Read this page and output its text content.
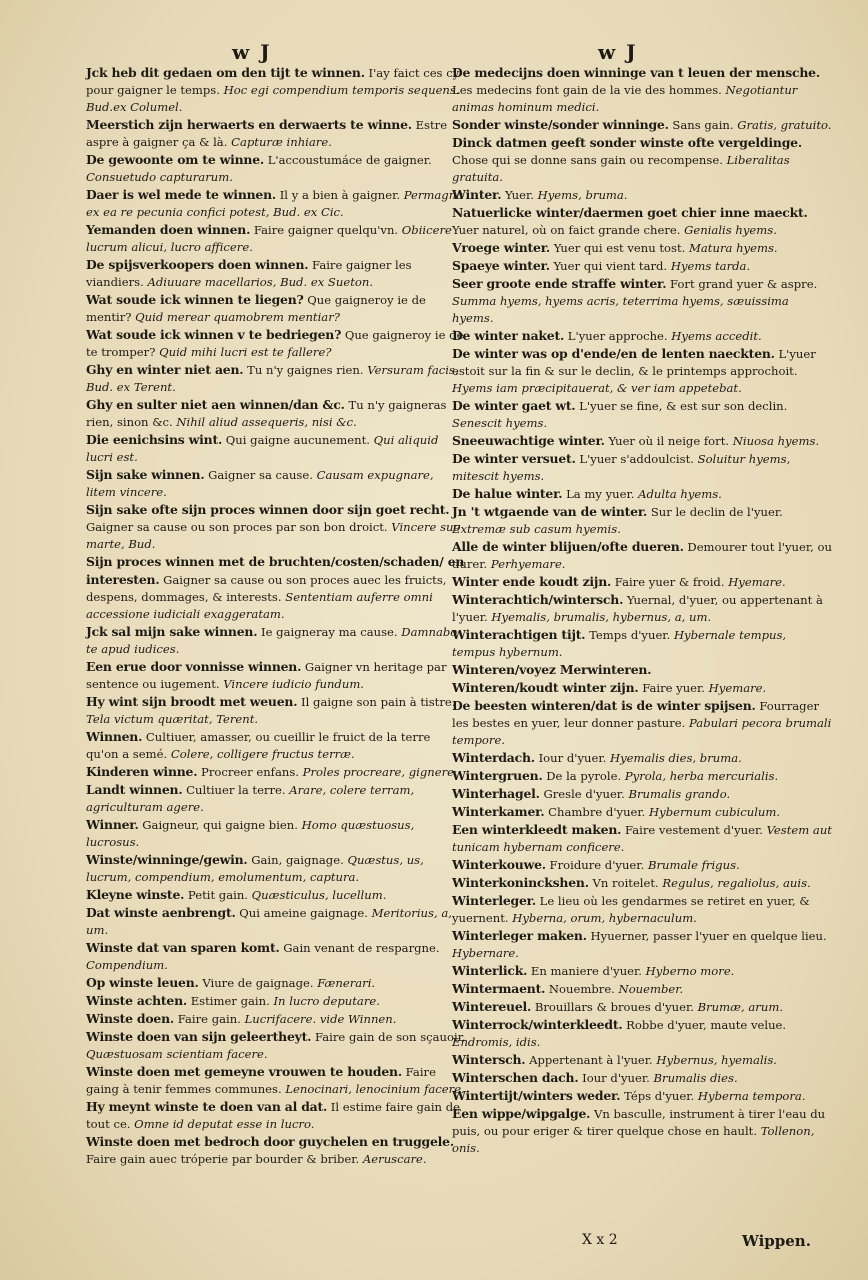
w J	w J

Jck heb dit gedaen om den tijt te winnen. I'ay faict ces cy pour gaigner le temps. Hoc egi compendium temporis sequens. Bud.ex Columel.

Meerstich zijn herwaerts en derwaerts te winne. Estre aspre à gaigner ça & là. Capturæ inhiare.

De gewoonte om te winne. L'accoustumáce de gaigner. Consuetudo capturarum.

Daer is wel mede te winnen. Il y a bien à gaigner. Permagna ex ea re pecunia confici potest, Bud. ex Cic.

Yemanden doen winnen. Faire gaigner quelqu'vn. Obiicere lucrum alicui, lucro afficere.

De spijsverkoopers doen winnen. Faire gaigner les viandiers. Adiuuare macellarios, Bud. ex Sueton.

Wat soude ick winnen te liegen? Que gaigneroy ie de mentir? Quid merear quamobrem mentiar?

Wat soude ick winnen v te bedriegen? Que gaigneroy ie de te tromper? Quid mihi lucri est te fallere?

Ghy en winter niet aen. Tu n'y gaignes rien. Versuram facis, Bud. ex Terent.

Ghy en sulter niet aen winnen/dan &c. Tu n'y gaigneras rien, sinon &c. Nihil aliud assequeris, nisi &c.

Die eenichsins wint. Qui gaigne aucunement. Qui aliquid lucri est.

Sijn sake winnen. Gaigner sa cause. Causam expugnare, litem vincere.

Sijn sake ofte sijn proces winnen door sijn goet recht. Gaigner sa cause ou son proces par son bon droict. Vincere suo marte, Bud.

Sijn proces winnen met de bruchten/costen/schaden/ en interesten. Gaigner sa cause ou son proces auec les fruicts, despens, dommages, & interests. Sententiam auferre omni accessione iudiciali exaggeratam.

Jck sal mijn sake winnen. Ie gaigneray ma cause. Damnabo te apud iudices.

Een erue door vonnisse winnen. Gaigner vn heritage par sentence ou iugement. Vincere iudicio fundum.

Hy wint sijn broodt met weuen. Il gaigne son pain à tistre. Tela victum quæritat, Terent.

Winnen. Cultiuer, amasser, ou cueillir le fruict de la terre qu'on a semé. Colere, colligere fructus terræ.

Kinderen winne. Procreer enfans. Proles procreare, gignere.

Landt winnen. Cultiuer la terre. Arare, colere terram, agriculturam agere.

Winner. Gaigneur, qui gaigne bien. Homo quæstuosus, lucrosus.

Winste/winninge/gewin. Gain, gaignage. Quæstus, us, lucrum, compendium, emolumentum, captura.

Kleyne winste. Petit gain. Quæsticulus, lucellum.

Dat winste aenbrengt. Qui ameine gaignage. Meritorius, a, um.

Winste dat van sparen komt. Gain venant de respargne. Compendium.

Op winste leuen. Viure de gaignage. Fænerari.

Winste achten. Estimer gain. In lucro deputare.

Winste doen. Faire gain. Lucrifacere. vide Winnen.

Winste doen van sijn geleertheyt. Faire gain de son sçauoir. Quæstuosam scientiam facere.

Winste doen met gemeyne vrouwen te houden. Faire gaing à tenir femmes communes. Lenocinari, lenocinium facere.

Hy meynt winste te doen van al dat. Il estime faire gain de tout ce. Omne id deputat esse in lucro.

Winste doen met bedroch door guychelen en truggele. Faire gain auec tróperie par bourder & briber. Aeruscare.

De medecijns doen winninge van t leuen der mensche. Les medecins font gain de la vie des hommes. Negotiantur animas hominum medici.

Sonder winste/sonder winninge. Sans gain. Gratis, gratuito.

Dinck datmen geeft sonder winste ofte vergeldinge. Chose qui se donne sans gain ou recompense. Liberalitas gratuita.

Winter. Yuer. Hyems, bruma.

Natuerlicke winter/daermen goet chier inne maeckt. Yuer naturel, où on faict grande chere. Genialis hyems.

Vroege winter. Yuer qui est venu tost. Matura hyems.

Spaeye winter. Yuer qui vient tard. Hyems tarda.

Seer groote ende straffe winter. Fort grand yuer & aspre. Summa hyems, hyems acris, teterrima hyems, sæuissima hyems.

De winter naket. L'yuer approche. Hyems accedit.

De winter was op d'ende/en de lenten naeckten. L'yuer estoit sur la fin & sur le declin, & le printemps approchoit. Hyems iam præcipitauerat, & ver iam appetebat.

De winter gaet wt. L'yuer se fine, & est sur son declin. Senescit hyems.

Sneeuwachtige winter. Yuer où il neige fort. Niuosa hyems.

De winter versuet. L'yuer s'addoulcist. Soluitur hyems, mitescit hyems.

De halue winter. La my yuer. Adulta hyems.

Jn 't wtgaende van de winter. Sur le declin de l'yuer. Extremæ sub casum hyemis.

Alle de winter blijuen/ofte dueren. Demourer tout l'yuer, ou durer. Perhyemare.

Winter ende koudt zijn. Faire yuer & froid. Hyemare.

Winterachtich/wintersch. Yuernal, d'yuer, ou appertenant à l'yuer. Hyemalis, brumalis, hybernus, a, um.

Winterachtigen tijt. Temps d'yuer. Hybernale tempus, tempus hybernum.

Winteren/voyez Merwinteren.

Winteren/koudt winter zijn. Faire yuer. Hyemare.

De beesten winteren/dat is de winter spijsen. Fourrager les bestes en yuer, leur donner pasture. Pabulari pecora brumali tempore.

Winterdach. Iour d'yuer. Hyemalis dies, bruma.

Wintergruen. De la pyrole. Pyrola, herba mercurialis.

Winterhagel. Gresle d'yuer. Brumalis grando.

Winterkamer. Chambre d'yuer. Hybernum cubiculum.

Een winterkleedt maken. Faire vestement d'yuer. Vestem aut tunicam hybernam conficere.

Winterkouwe. Froidure d'yuer. Brumale frigus.

Winterkoninckshen. Vn roitelet. Regulus, regaliolus, auis.

Winterleger. Le lieu où les gendarmes se retiret en yuer, & yuernent. Hyberna, orum, hybernaculum.

Winterleger maken. Hyuerner, passer l'yuer en quelque lieu. Hybernare.

Winterlick. En maniere d'yuer. Hyberno more.

Wintermaent. Nouembre. Nouember.

Wintereuel. Brouillars & broues d'yuer. Brumæ, arum.

Winterrock/winterkleedt. Robbe d'yuer, maute velue. Endromis, idis.

Wintersch. Appertenant à l'yuer. Hybernus, hyemalis.

Winterschen dach. Iour d'yuer. Brumalis dies.

Wintertijt/winters weder. Téps d'yuer. Hyberna tempora.

Een wippe/wipgalge. Vn basculle, instrument à tirer l'eau du puis, ou pour eriger & tirer quelque chose en hault. Tollenon, onis.

X x 2	Wippen.
